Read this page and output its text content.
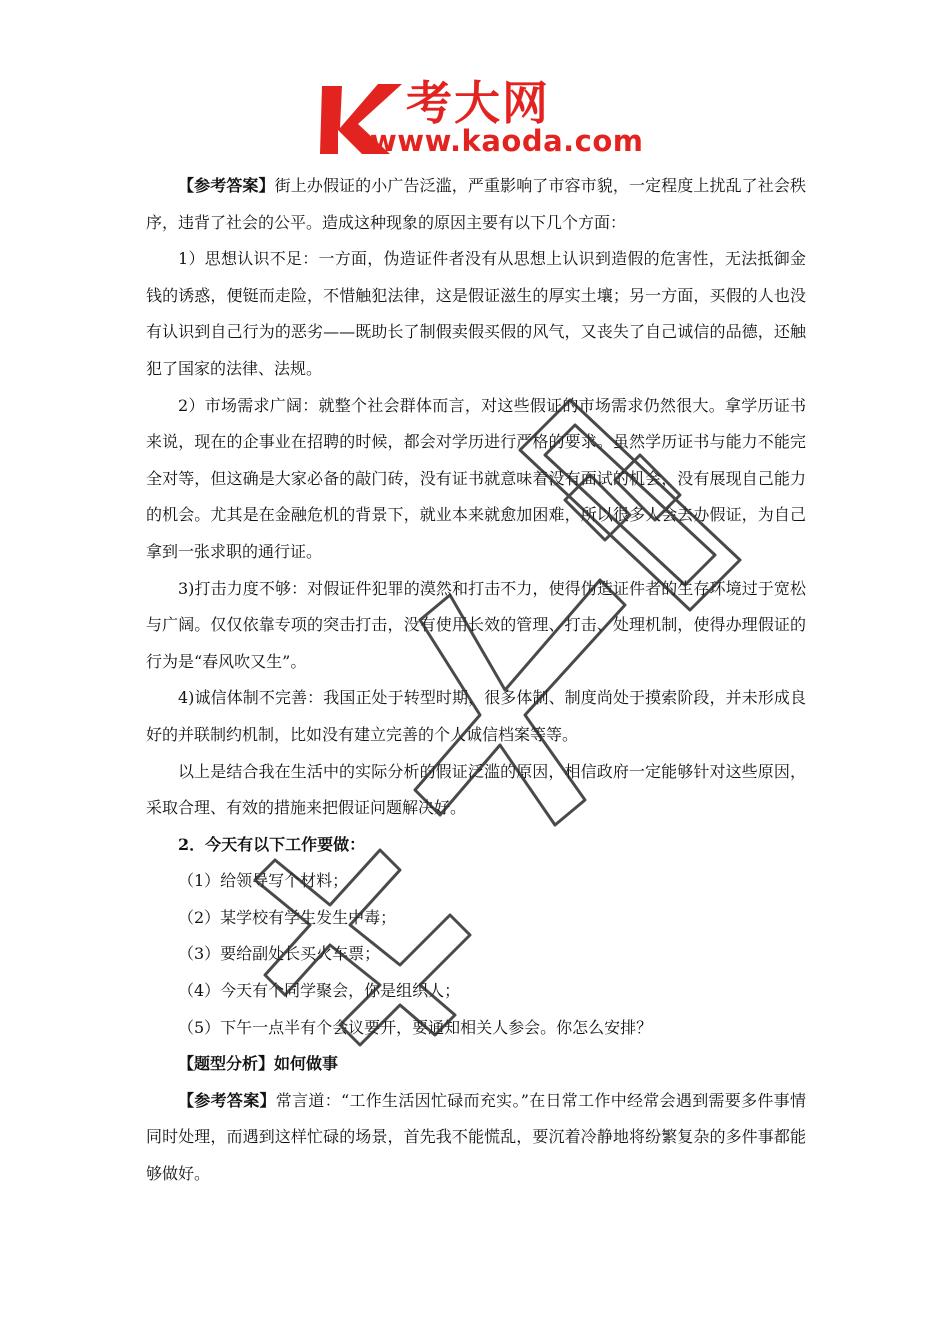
考大网
www.kaoda.com

【参考答案】街上办假证的小广告泛滥，严重影响了市容市貌，一定程度上扰乱了社会秩序，违背了社会的公平。造成这种现象的原因主要有以下几个方面：

1）思想认识不足：一方面，伪造证件者没有从思想上认识到造假的危害性，无法抵御金钱的诱惑，便铤而走险，不惜触犯法律，这是假证滋生的厚实土壤；另一方面，买假的人也没有认识到自己行为的恶劣——既助长了制假卖假买假的风气，又丧失了自己诚信的品德，还触犯了国家的法律、法规。

2）市场需求广阔：就整个社会群体而言，对这些假证的市场需求仍然很大。拿学历证书来说，现在的企事业在招聘的时候，都会对学历进行严格的要求。虽然学历证书与能力不能完全对等，但这确是大家必备的敲门砖，没有证书就意味着没有面试的机会，没有展现自己能力的机会。尤其是在金融危机的背景下，就业本来就愈加困难，所以很多人会去办假证，为自己拿到一张求职的通行证。

3)打击力度不够：对假证件犯罪的漠然和打击不力，使得伪造证件者的生存环境过于宽松与广阔。仅仅依靠专项的突击打击，没有使用长效的管理、打击、处理机制，使得办理假证的行为是“春风吹又生”。

4)诚信体制不完善：我国正处于转型时期，很多体制、制度尚处于摸索阶段，并未形成良好的并联制约机制，比如没有建立完善的个人诚信档案等等。

以上是结合我在生活中的实际分析的假证泛滥的原因，相信政府一定能够针对这些原因，采取合理、有效的措施来把假证问题解决好。

2．今天有以下工作要做：

（1）给领导写个材料；

（2）某学校有学生发生中毒；

（3）要给副处长买火车票；

（4）今天有个同学聚会，你是组织人；

（5）下午一点半有个会议要开，要通知相关人参会。你怎么安排？

【题型分析】如何做事

【参考答案】常言道：“工作生活因忙碌而充实。”在日常工作中经常会遇到需要多件事情同时处理，而遇到这样忙碌的场景，首先我不能慌乱，要沉着冷静地将纷繁复杂的多件事都能够做好。
